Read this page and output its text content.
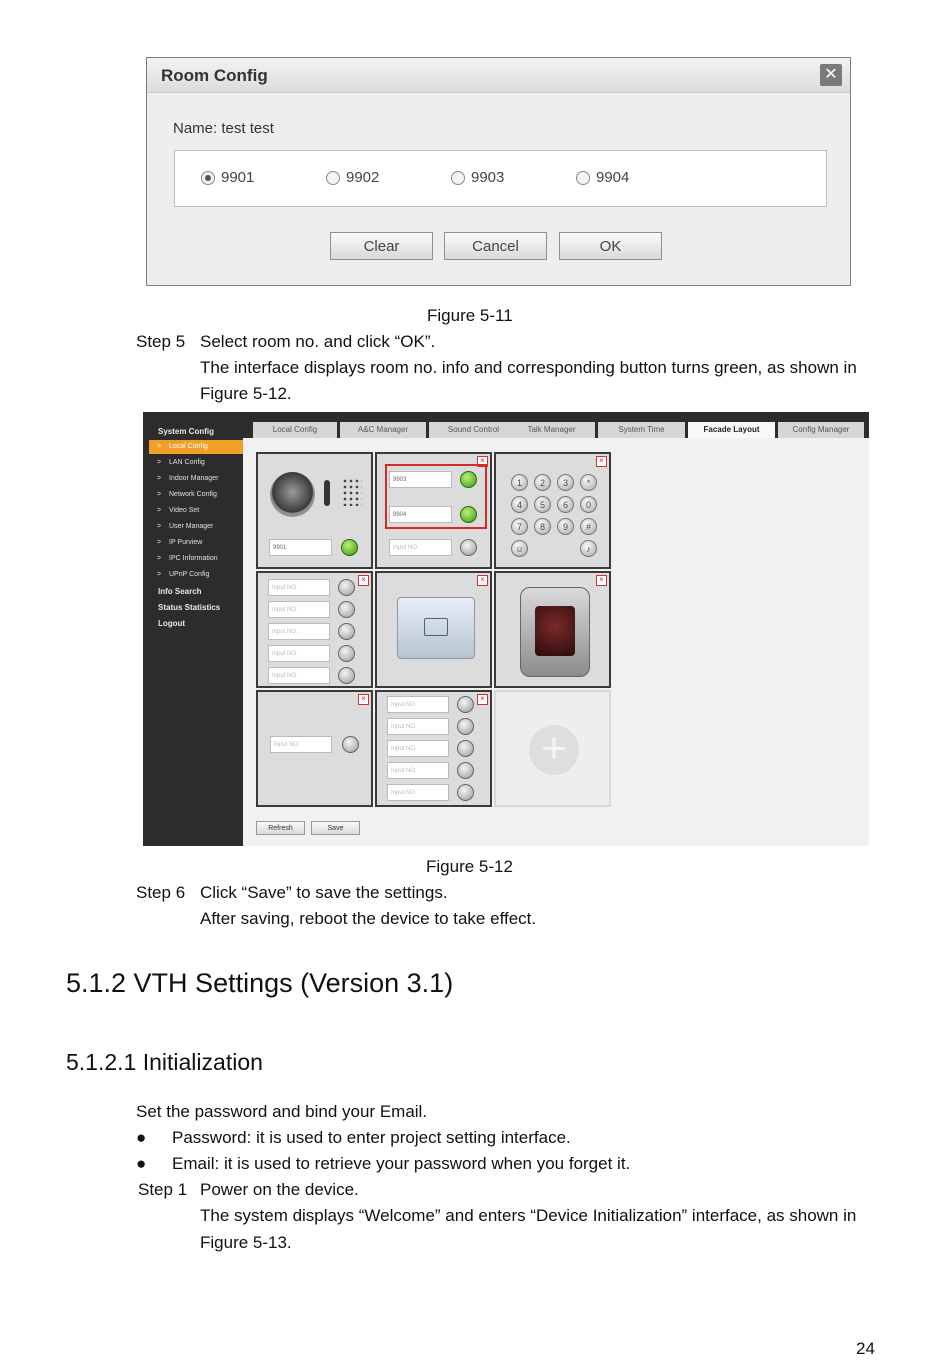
Room Config	✕
Name: test test
9901	9902	9903	9904
Clear	Cancel	OK
Figure 5-11
Step 5 Select room no. and click “OK”.
The interface displays room no. info and corresponding button turns green, as shown in
Figure 5-12.
System Config
> Local Config
> LAN Config
> Indoor Manager
> Network Config
> Video Set
> User Manager
> IP Purview
> IPC Information
> UPnP Config
Info Search
Status Statistics
Logout
Local Config	A&C Manager	Sound Control	Talk Manager	System Time	Facade Layout	Config Manager
9901
×
9903
9904
Input NO.
×
1	2	3	*
4	5	6	0
7	8	9	#
☺	♪
×
Input NO.
Input NO.
Input NO.
Input NO.
Input NO.
×	×
×
Input NO.
×
Input NO.
Input NO.
Input NO.
Input NO.
Input NO.
+
Refresh	Save
Figure 5-12
Step 6 Click “Save” to save the settings.
After saving, reboot the device to take effect.
5.1.2 VTH Settings (Version 3.1)
5.1.2.1 Initialization
Set the password and bind your Email.
● Password: it is used to enter project setting interface.
● Email: it is used to retrieve your password when you forget it.
Step 1 Power on the device.
The system displays “Welcome” and enters “Device Initialization” interface, as shown in
Figure 5-13.
24
